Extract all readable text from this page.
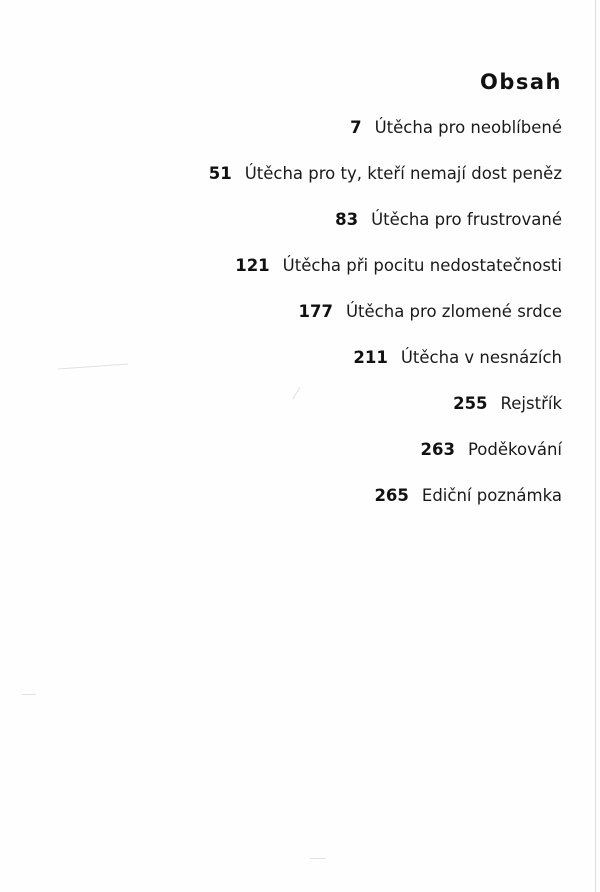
Obsah
7 Útěcha pro neoblíbené
51 Útěcha pro ty, kteří nemají dost peněz
83 Útěcha pro frustrované
121 Útěcha při pocitu nedostatečnosti
177 Útěcha pro zlomené srdce
211 Útěcha v nesnázích
255 Rejstřík
263 Poděkování
265 Ediční poznámka
